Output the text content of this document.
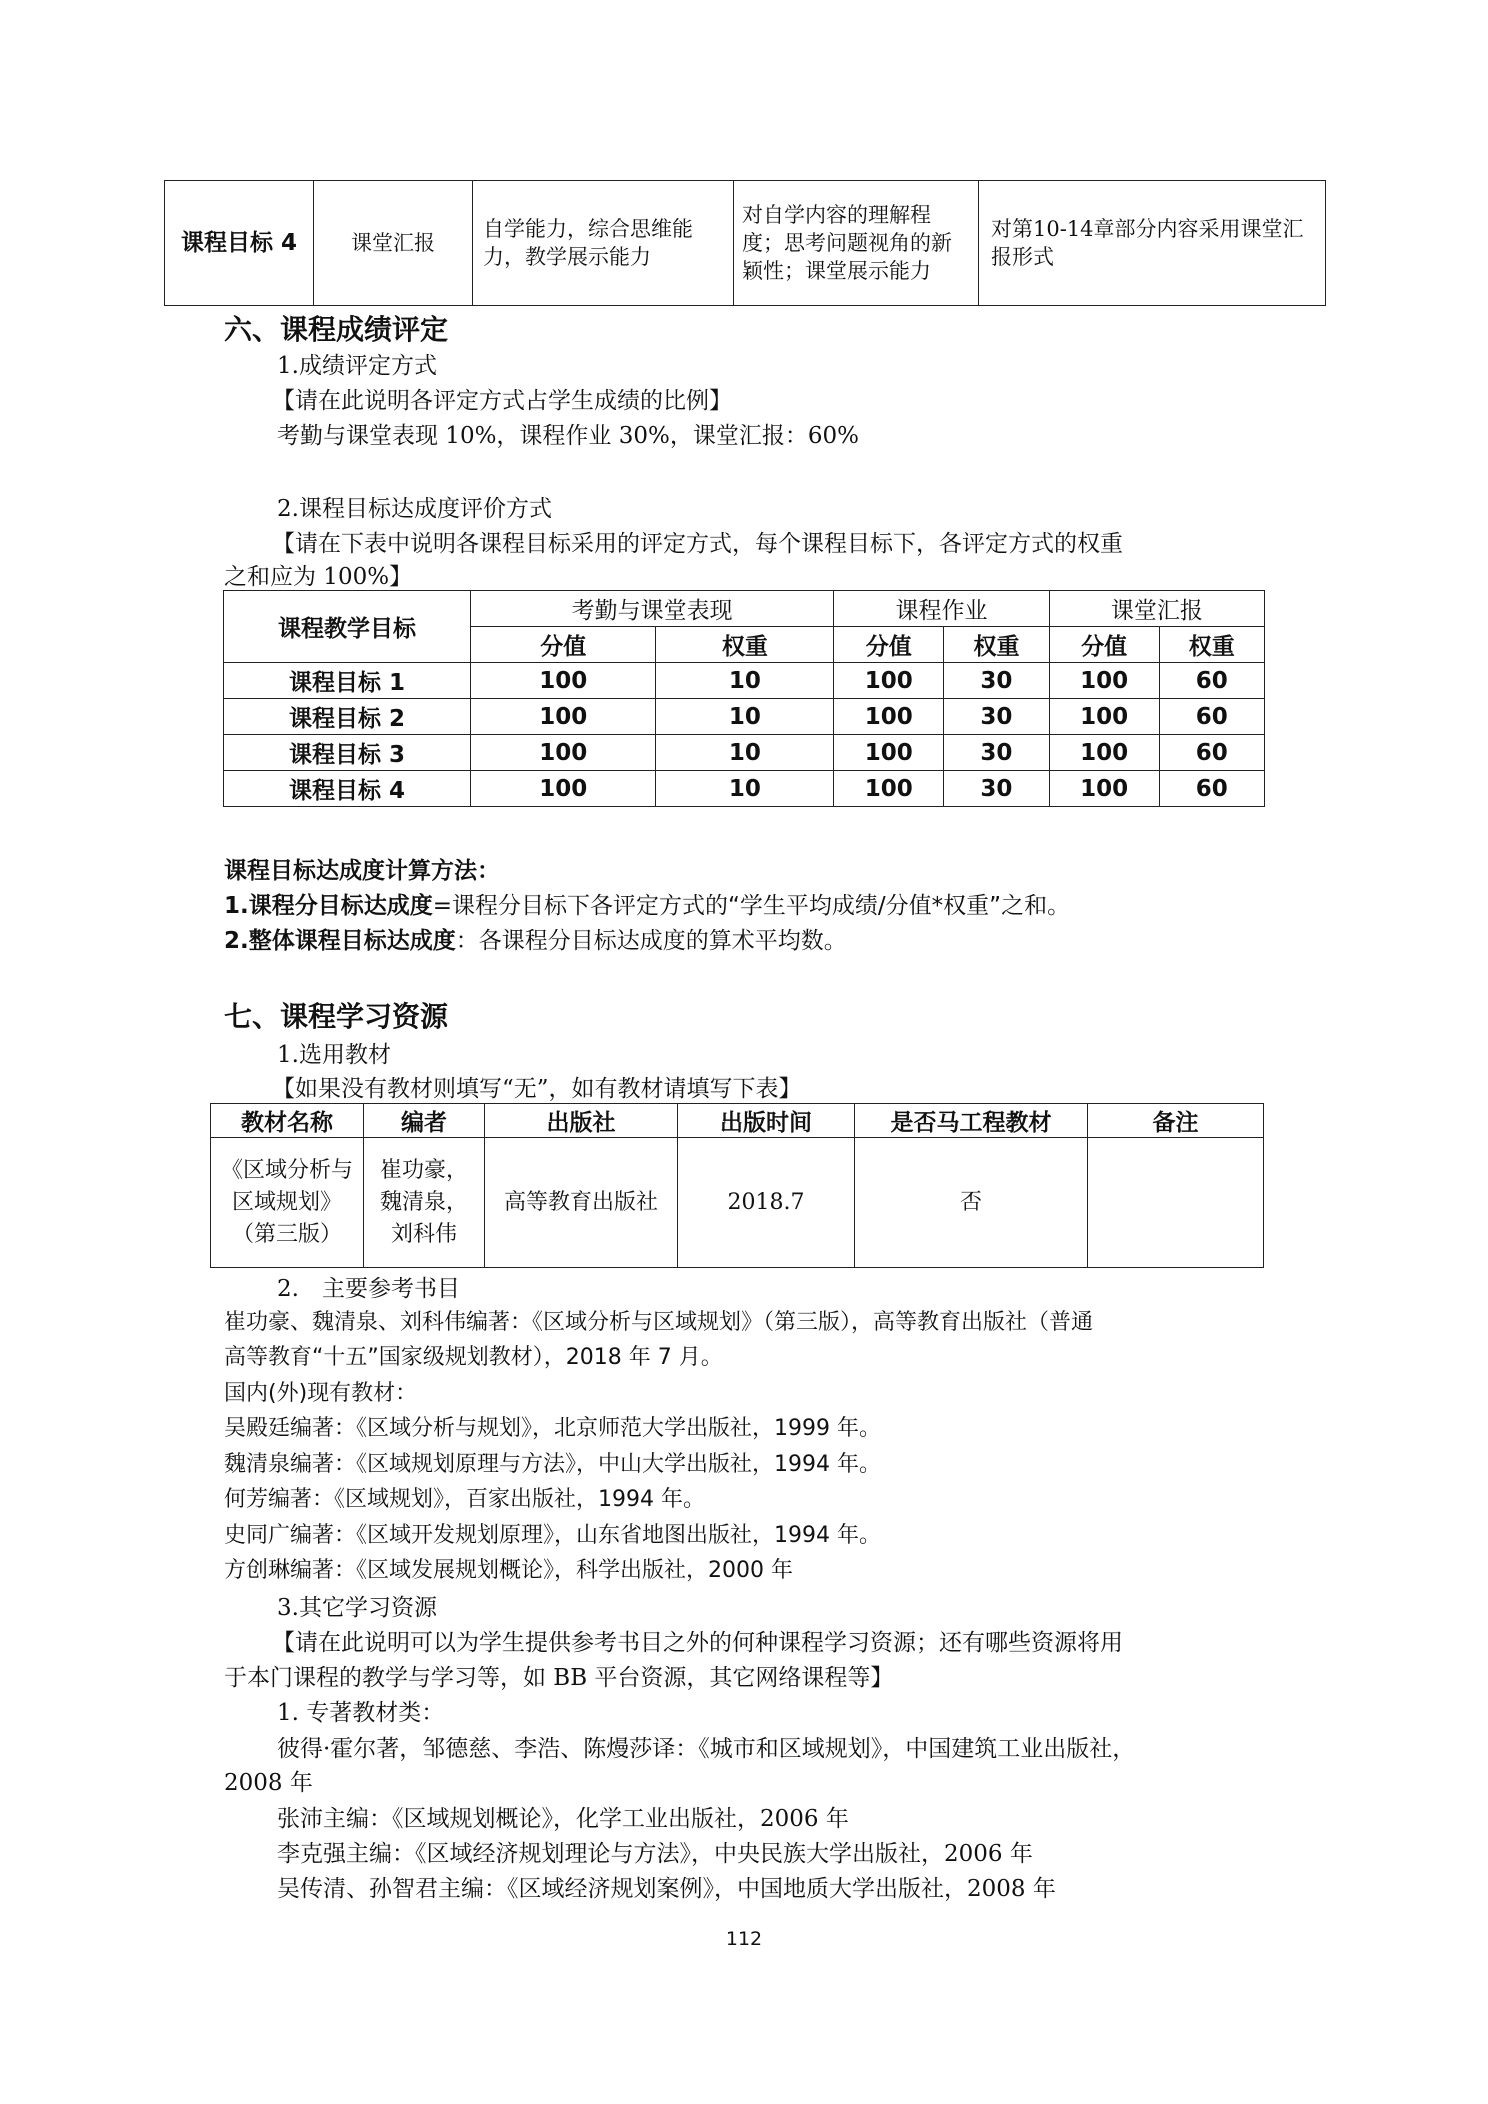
课程目标 4	课堂汇报	自学能力，综合思维能力，教学展示能力	对自学内容的理解程度；思考问题视角的新颖性；课堂展示能力	对第10-14章部分内容采用课堂汇报形式

六、课程成绩评定

1.成绩评定方式

【请在此说明各评定方式占学生成绩的比例】

考勤与课堂表现 10%，课程作业 30%，课堂汇报：60%

2.课程目标达成度评价方式

【请在下表中说明各课程目标采用的评定方式，每个课程目标下，各评定方式的权重

之和应为 100%】

课程教学目标	考勤与课堂表现		课程作业		课堂汇报	
	分值	权重	分值	权重	分值	权重
课程目标 1	100	10	100	30	100	60
课程目标 2	100	10	100	30	100	60
课程目标 3	100	10	100	30	100	60
课程目标 4	100	10	100	30	100	60

课程目标达成度计算方法：

1.课程分目标达成度=课程分目标下各评定方式的“学生平均成绩/分值*权重”之和。

2.整体课程目标达成度：各课程分目标达成度的算术平均数。

七、课程学习资源

1.选用教材

【如果没有教材则填写“无”，如有教材请填写下表】

教材名称	编者	出版社	出版时间	是否马工程教材	备注
《区域分析与区域规划》（第三版）	崔功豪，魏清泉，刘科伟	高等教育出版社	2018.7	否	

2.　主要参考书目

崔功豪、魏清泉、刘科伟编著：《区域分析与区域规划》（第三版），高等教育出版社（普通

高等教育“十五”国家级规划教材），2018 年 7 月。

国内(外)现有教材：

吴殿廷编著：《区域分析与规划》，北京师范大学出版社，1999 年。

魏清泉编著：《区域规划原理与方法》，中山大学出版社，1994 年。

何芳编著：《区域规划》，百家出版社，1994 年。

史同广编著：《区域开发规划原理》，山东省地图出版社，1994 年。

方创琳编著：《区域发展规划概论》，科学出版社，2000 年

3.其它学习资源

【请在此说明可以为学生提供参考书目之外的何种课程学习资源；还有哪些资源将用

于本门课程的教学与学习等，如 BB 平台资源，其它网络课程等】

1. 专著教材类：

彼得·霍尔著，邹德慈、李浩、陈熳莎译：《城市和区域规划》，中国建筑工业出版社，

2008 年

张沛主编：《区域规划概论》，化学工业出版社，2006 年

李克强主编：《区域经济规划理论与方法》，中央民族大学出版社，2006 年

吴传清、孙智君主编：《区域经济规划案例》，中国地质大学出版社，2008 年

112
